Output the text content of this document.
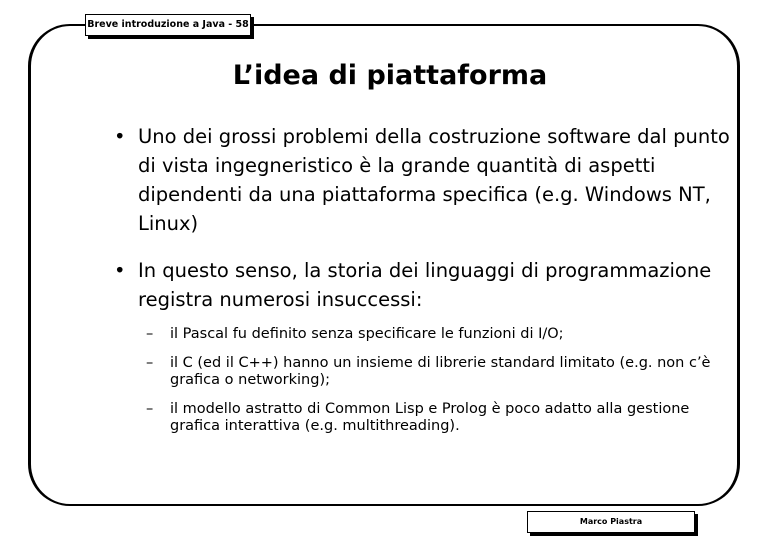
Breve introduzione a Java - 58
L’idea di piattaforma
• Uno dei grossi problemi della costruzione software dal punto di vista ingegneristico è la grande quantità di aspetti dipendenti da una piattaforma specifica (e.g. Windows NT, Linux)
• In questo senso, la storia dei linguaggi di programmazione registra numerosi insuccessi:
– il Pascal fu definito senza specificare le funzioni di I/O;
– il C (ed il C++) hanno un insieme di librerie standard limitato (e.g. non c’è grafica o networking);
– il modello astratto di Common Lisp e Prolog è poco adatto alla gestione grafica interattiva (e.g. multithreading).
Marco Piastra
